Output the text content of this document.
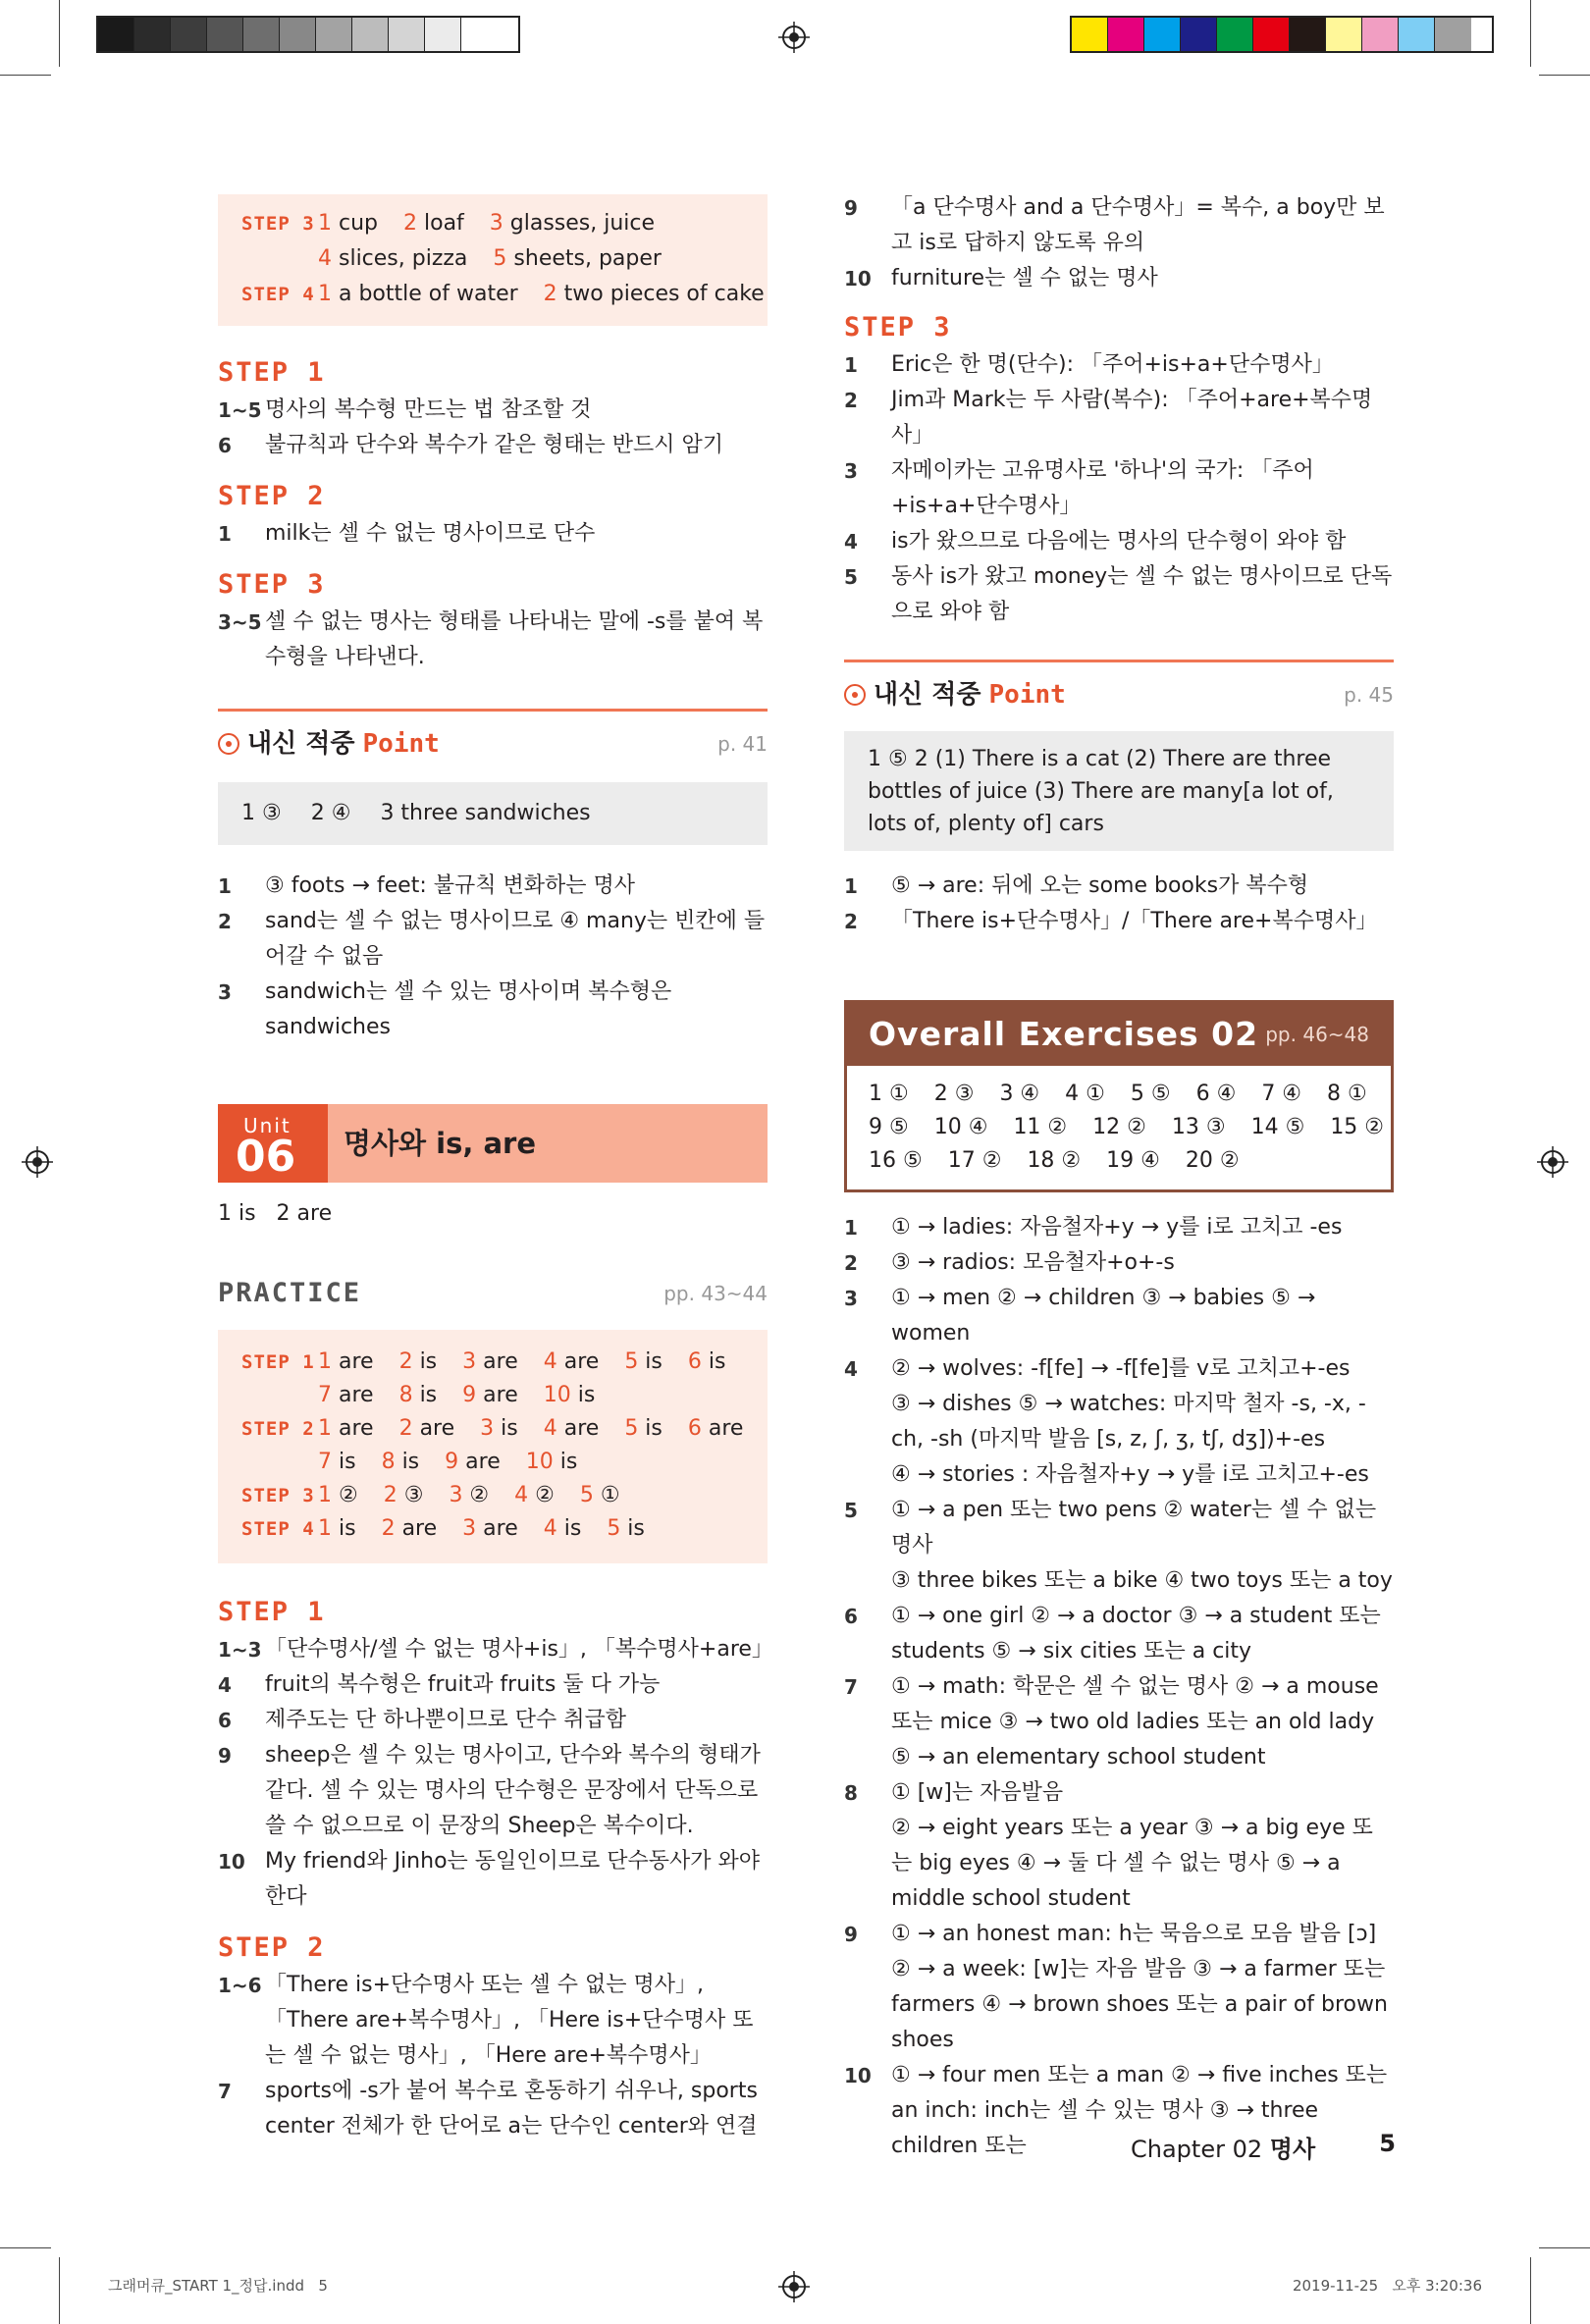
STEP 3 1 cup 2 loaf 3 glasses, juice
4 slices, pizza 5 sheets, paper
STEP 4 1 a bottle of water 2 two pieces of cake
STEP 1
1~5 명사의 복수형 만드는 법 참조할 것
6	불규칙과 단수와 복수가 같은 형태는 반드시 암기
STEP 2
1	milk는 셀 수 없는 명사이므로 단수
STEP 3
3~5 셀 수 없는 명사는 형태를 나타내는 말에 -s를 붙여 복수형을 나타낸다.
내신 적중 Point	p. 41
1 ③ 2 ④ 3 three sandwiches
1	③ foots → feet: 불규칙 변화하는 명사
2	sand는 셀 수 없는 명사이므로 ④ many는 빈칸에 들어갈 수 없음
3	sandwich는 셀 수 있는 명사이며 복수형은 sandwiches
Unit
06 명사와 is, are
1 is   2 are
PRACTICE	pp. 43~44
STEP 1 1 are 2 is 3 are 4 are 5 is 6 is
7 are 8 is 9 are 10 is
STEP 2 1 are 2 are 3 is 4 are 5 is 6 are
7 is 8 is 9 are 10 is
STEP 3 1 ② 2 ③ 3 ② 4 ② 5 ①
STEP 4 1 is 2 are 3 are 4 is 5 is
STEP 1
1~3 「단수명사/셀 수 없는 명사+is」, 「복수명사+are」
4	fruit의 복수형은 fruit과 fruits 둘 다 가능
6	제주도는 단 하나뿐이므로 단수 취급함
9	sheep은 셀 수 있는 명사이고, 단수와 복수의 형태가 같다. 셀 수 있는 명사의 단수형은 문장에서 단독으로 쓸 수 없으므로 이 문장의 Sheep은 복수이다.
10 My friend와 Jinho는 동일인이므로 단수동사가 와야 한다
STEP 2
1~6 「There is+단수명사 또는 셀 수 없는 명사」, 「There are+복수명사」, 「Here is+단수명사 또는 셀 수 없는 명사」, 「Here are+복수명사」
7	sports에 -s가 붙어 복수로 혼동하기 쉬우나, sports center 전체가 한 단어로 a는 단수인 center와 연결
9	「a 단수명사 and a 단수명사」= 복수, a boy만 보고 is로 답하지 않도록 유의
10 furniture는 셀 수 없는 명사
STEP 3
1	Eric은 한 명(단수): 「주어+is+a+단수명사」
2	Jim과 Mark는 두 사람(복수): 「주어+are+복수명사」
3	자메이카는 고유명사로 '하나'의 국가: 「주어+is+a+단수명사」
4	is가 왔으므로 다음에는 명사의 단수형이 와야 함
5	동사 is가 왔고 money는 셀 수 없는 명사이므로 단독으로 와야 함
내신 적중 Point	p. 45
1 ⑤ 2 (1) There is a cat (2) There are three bottles of juice (3) There are many[a lot of, lots of, plenty of] cars
1	⑤ → are: 뒤에 오는 some books가 복수형
2	「There is+단수명사」/「There are+복수명사」
Overall Exercises 02 pp. 46~48
1 ① 2 ③ 3 ④ 4 ① 5 ⑤ 6 ④ 7 ④ 8 ①
9 ⑤ 10 ④ 11 ② 12 ② 13 ③ 14 ⑤ 15 ②
16 ⑤ 17 ② 18 ② 19 ④ 20 ②
1	① → ladies: 자음철자+y → y를 i로 고치고 -es
2	③ → radios: 모음철자+o+-s
3	① → men ② → children ③ → babies ⑤ → women
4	② → wolves: -f[fe] → -f[fe]를 v로 고치고+-es
③ → dishes ⑤ → watches: 마지막 철자 -s, -x, -ch, -sh (마지막 발음 [s, z, ʃ, ʒ, tʃ, dʒ])+-es
④ → stories : 자음철자+y → y를 i로 고치고+-es
5	① → a pen 또는 two pens ② water는 셀 수 없는 명사
③ three bikes 또는 a bike ④ two toys 또는 a toy
6	① → one girl ② → a doctor ③ → a student 또는 students ⑤ → six cities 또는 a city
7	① → math: 학문은 셀 수 없는 명사 ② → a mouse 또는 mice ③ → two old ladies 또는 an old lady ⑤ → an elementary school student
8	① [w]는 자음발음
② → eight years 또는 a year ③ → a big eye 또는 big eyes ④ → 둘 다 셀 수 없는 명사 ⑤ → a middle school student
9	① → an honest man: h는 묵음으로 모음 발음 [ɔ]
② → a week: [w]는 자음 발음 ③ → a farmer 또는 farmers ④ → brown shoes 또는 a pair of brown shoes
10 ① → four men 또는 a man ② → five inches 또는 an inch: inch는 셀 수 있는 명사 ③ → three children 또는	Chapter 02 명사	5
그래머큐_START 1_정답.indd   5	2019-11-25   오후 3:20:36
